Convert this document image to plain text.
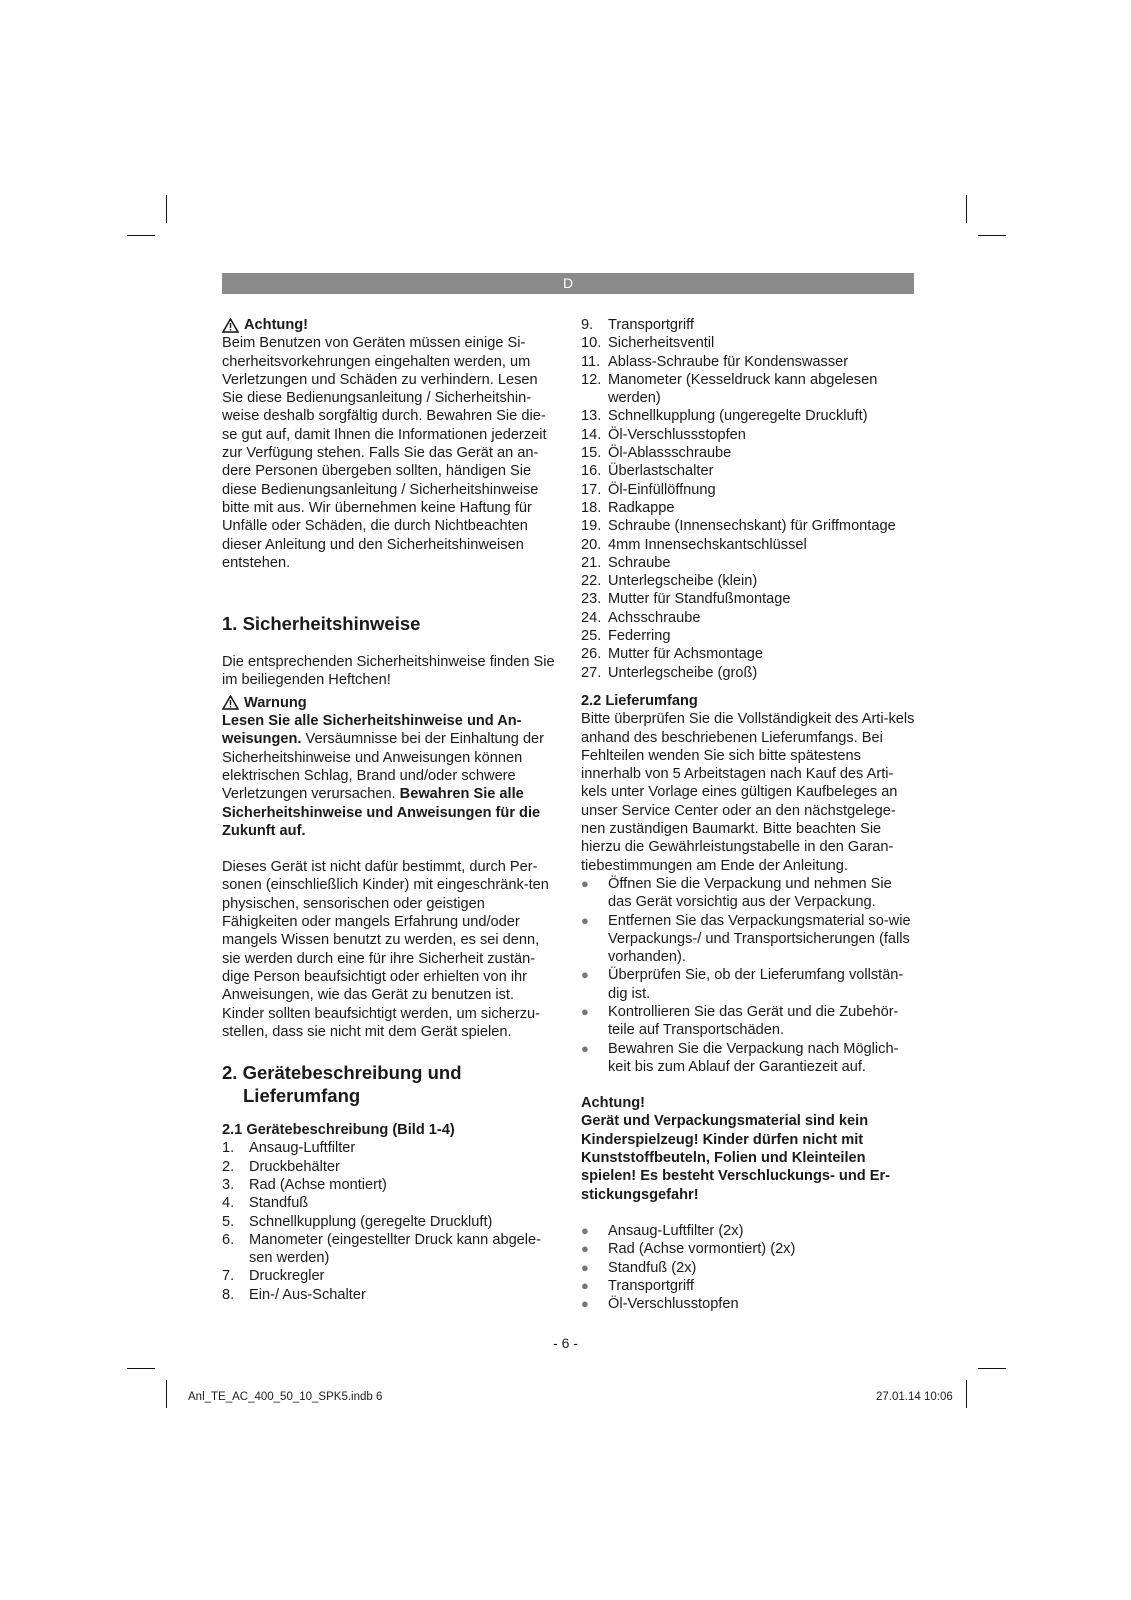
D
Achtung!

Beim Benutzen von Geräten müssen einige Si-cherheitsvorkehrungen eingehalten werden, um Verletzungen und Schäden zu verhindern. Lesen Sie diese Bedienungsanleitung / Sicherheitshin-weise deshalb sorgfältig durch. Bewahren Sie die-se gut auf, damit Ihnen die Informationen jederzeit zur Verfügung stehen. Falls Sie das Gerät an an-dere Personen übergeben sollten, händigen Sie diese Bedienungsanleitung / Sicherheitshinweise bitte mit aus. Wir übernehmen keine Haftung für Unfälle oder Schäden, die durch Nichtbeachten dieser Anleitung und den Sicherheitshinweisen entstehen.

1. Sicherheitshinweise

Die entsprechenden Sicherheitshinweise finden Sie im beiliegenden Heftchen!

Warnung

Lesen Sie alle Sicherheitshinweise und An-weisungen. Versäumnisse bei der Einhaltung der Sicherheitshinweise und Anweisungen können elektrischen Schlag, Brand und/oder schwere Verletzungen verursachen. Bewahren Sie alle Sicherheitshinweise und Anweisungen für die Zukunft auf.

Dieses Gerät ist nicht dafür bestimmt, durch Per-sonen (einschließlich Kinder) mit eingeschränk-ten physischen, sensorischen oder geistigen Fähigkeiten oder mangels Erfahrung und/oder mangels Wissen benutzt zu werden, es sei denn, sie werden durch eine für ihre Sicherheit zustän-dige Person beaufsichtigt oder erhielten von ihr Anweisungen, wie das Gerät zu benutzen ist. Kinder sollten beaufsichtigt werden, um sicherzu-stellen, dass sie nicht mit dem Gerät spielen.

2. Gerätebeschreibung und
Lieferumfang
2.1 Gerätebeschreibung (Bild 1-4)
1.	Ansaug-Luftfilter
2.	Druckbehälter
3.	Rad (Achse montiert)
4.	Standfuß
5.	Schnellkupplung (geregelte Druckluft)
6.	Manometer (eingestellter Druck kann abgele-sen werden)
7.	Druckregler
8.	Ein-/ Aus-Schalter
9.	Transportgriff
10. Sicherheitsventil
11. Ablass-Schraube für Kondenswasser
12. Manometer (Kesseldruck kann abgelesen werden)
13. Schnellkupplung (ungeregelte Druckluft)
14. Öl-Verschlussstopfen
15. Öl-Ablassschraube
16. Überlastschalter
17. Öl-Einfüllöffnung
18. Radkappe
19. Schraube (Innensechskant) für Griffmontage
20. 4mm Innensechskantschlüssel
21. Schraube
22. Unterlegscheibe (klein)
23. Mutter für Standfußmontage
24. Achsschraube
25. Federring
26. Mutter für Achsmontage
27. Unterlegscheibe (groß)
2.2 Lieferumfang

Bitte überprüfen Sie die Vollständigkeit des Arti-kels anhand des beschriebenen Lieferumfangs. Bei Fehlteilen wenden Sie sich bitte spätestens innerhalb von 5 Arbeitstagen nach Kauf des Arti-kels unter Vorlage eines gültigen Kaufbeleges an unser Service Center oder an den nächstgelege-nen zuständigen Baumarkt. Bitte beachten Sie hierzu die Gewährleistungstabelle in den Garan-tiebestimmungen am Ende der Anleitung.

●	Öffnen Sie die Verpackung und nehmen Sie das Gerät vorsichtig aus der Verpackung.
●	Entfernen Sie das Verpackungsmaterial so-wie Verpackungs-/ und Transportsicherungen (falls vorhanden).
●	Überprüfen Sie, ob der Lieferumfang vollstän-dig ist.
●	Kontrollieren Sie das Gerät und die Zubehör-teile auf Transportschäden.
●	Bewahren Sie die Verpackung nach Möglich-keit bis zum Ablauf der Garantiezeit auf.

Achtung!

Gerät und Verpackungsmaterial sind kein Kinderspielzeug! Kinder dürfen nicht mit Kunststoffbeuteln, Folien und Kleinteilen spielen! Es besteht Verschluckungs- und Er-stickungsgefahr!

●	Ansaug-Luftfilter (2x)
●	Rad (Achse vormontiert) (2x)
●	Standfuß (2x)
●	Transportgriff
●	Öl-Verschlusstopfen
- 6 -
Anl_TE_AC_400_50_10_SPK5.indb 6	27.01.14 10:06
